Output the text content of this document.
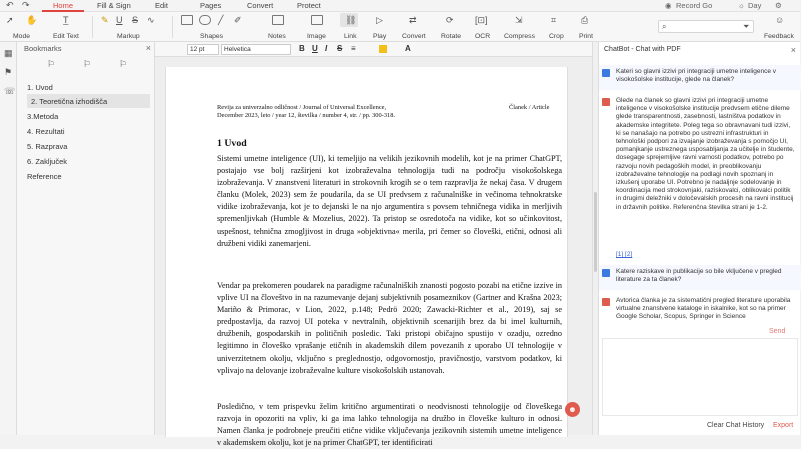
↶ ↷	Home	Fill & Sign	Edit	Pages	Convert	Protect	◉ Record Go	☼ Day ⚙
➚ ✋
Mode
T̲
Edit Text
✎ U S ∿
Markup
╱ ✐
Shapes	Notes	Image
⛓
Link
▷
Play
⇄
Convert
⟳
Rotate
[⊡]
OCR
⇲
Compress
⌗
Crop
⎙
Print
☺
Feedback
⌕	⏷
▦
⚑
☏
Bookmarks	×
⚐	⚐	⚐
1. Uvod
2. Teoretična izhodišča
3.Metoda
4. Rezultati
5. Razprava
6. Zaključek
Reference
12 pt	Helvetica	B U I S ≡	A
Revija za univerzalno odličnost / Journal of Universal Excellence,
December 2023, leto / year 12, številka / number 4, str. / pp. 300-318.
Članek / Article
1 Uvod
Sistemi umetne inteligence (UI), ki temeljijo na velikih jezikovnih modelih, kot je na primer ChatGPT, postajajo vse bolj razširjeni kot izobraževalna tehnologija tudi na področju visokošolskega izobraževanja. V znanstveni literaturi in strokovnih krogih se o tem razpravlja že nekaj časa. V drugem članku (Molek, 2023) sem že poudarila, da se UI predvsem z računalniške in večinoma tehnokratske vidike izobraževanja, kot je to dejanski le na njo argumentira s povsem tehničnega vidika in merljivih spremenljivkah (Humble & Mozelius, 2022). Ta pristop se osredotoča na vidike, kot so učinkovitost, uspešnost, tehnična zmogljivost in druga »objektivna« merila, pri čemer so človeški, etični, odnosi ali družbeni vidiki zanemarjeni.
Vendar pa prekomeren poudarek na paradigme računalniških znanosti pogosto pozabi na etične izzive in vplive UI na človeštvo in na razumevanje dejanj subjektivnih posameznikov (Gartner and Krašna 2023; Mariño & Primorac, v Lion, 2022, p.148; Pedrö 2020; Zawacki-Richter et al., 2019), saj se predpostavlja, da razvoj UI poteka v nevtralnih, objektivnih scenarijih brez da bi imel kulturnih, družbenih, gospodarskih in političnih posledic. Taki pristopi običajno spustijo v ozadju, ozredno legitimno in človeško vprašanje etičnih in akademskih dilem povezanih z uporabo UI tehnologije v univerzitetnem okolju, vključno s preglednostjo, odgovornostjo, pravičnostjo, varstvom podatkov, ki vplivajo na delovanje izobraževalne kulture visokošolskih ustanovah.
Posledično, v tem prispevku želim kritično argumentirati o neodvisnosti tehnologije od človeškega razvoja in opozoriti na vpliv, ki ga ima lahko tehnologija na družbo in človeške kulturo in odnosi. Namen članka je podrobneje preučiti etične vidike vključevanja jezikovnih sistemih umetne inteligence v akademskem okolju, kot je na primer ChatGPT, ter identificirati
☻
ChatBot - Chat with PDF	×
Kateri so glavni izzivi pri integraciji umetne inteligence v visokošolske institucije, glede na članek?
Glede na članek so glavni izzivi pri integraciji umetne inteligence v visokošolske institucije predvsem etične dileme glede transparentnosti, zasebnosti, lastništva podatkov in akademske integritete. Poleg tega so obravnavani tudi izzivi, ki se nanašajo na potrebo po ustrezni infrastrukturi in tehnološki podpori za izvajanje izobraževanja s pomočjo UI, pomanjkanje ustreznega usposabljanja za učitelje in študente, dosegage sprejemljive ravni varnosti podatkov, potrebo po razvoju novih pedagoških model, in preoblikovanju izobraževalne tehnologije na podlagi novih spoznanj in izkušenj uporabe UI. Potrebno je nadaljnje sodelovanje in koordinacija med strokovnjaki, raziskovalci, oblikovalci politik in drugimi deležniki v določevalskih procesih na ravni institucij in državnih politike. Referenčna številka strani je 1-2.
[1] [2]
Katere raziskave in publikacije so bile vključene v pregled literature za ta članek?
Avtorica članka je za sistematični pregled literature uporabila virtualne znanstvene kataloge in iskalnike, kot so na primer Google Scholar, Scopus, Springer in Science
Send
Clear Chat History Export
